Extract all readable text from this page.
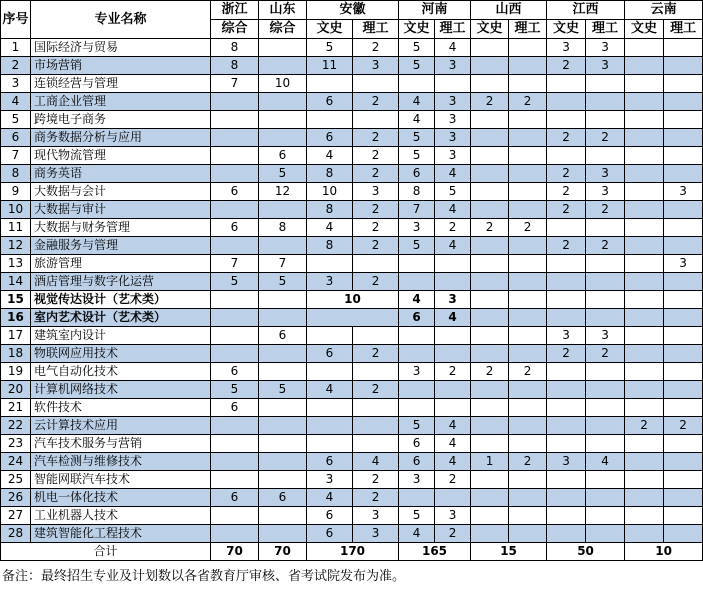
序号	专业名称	浙江	山东	安徽		河南		山西		江西		云南	
		综合	综合	文史	理工	文史	理工	文史	理工	文史	理工	文史	理工
1	国际经济与贸易	8		5	2	5	4			3	3		
2	市场营销	8		11	3	5	3			2	3		
3	连锁经营与管理	7	10										
4	工商企业管理			6	2	4	3	2	2				
5	跨境电子商务					4	3						
6	商务数据分析与应用			6	2	5	3			2	2		
7	现代物流管理		6	4	2	5	3						
8	商务英语		5	8	2	6	4			2	3		
9	大数据与会计	6	12	10	3	8	5			2	3		3
10	大数据与审计			8	2	7	4			2	2		
11	大数据与财务管理	6	8	4	2	3	2	2	2				
12	金融服务与管理			8	2	5	4			2	2		
13	旅游管理	7	7										3
14	酒店管理与数字化运营	5	5	3	2								
15	视觉传达设计（艺术类）			10		4	3						
16	室内艺术设计（艺术类）					6	4						
17	建筑室内设计		6							3	3		
18	物联网应用技术			6	2					2	2		
19	电气自动化技术	6				3	2	2	2				
20	计算机网络技术	5	5	4	2								
21	软件技术	6											
22	云计算技术应用					5	4					2	2
23	汽车技术服务与营销					6	4						
24	汽车检测与维修技术			6	4	6	4	1	2	3	4		
25	智能网联汽车技术			3	2	3	2						
26	机电一体化技术	6	6	4	2								
27	工业机器人技术			6	3	5	3						
28	建筑智能化工程技术			6	3	4	2						
合计		70	70	170		165		15		50		10	
备注：最终招生专业及计划数以各省教育厅审核、省考试院发布为准。
